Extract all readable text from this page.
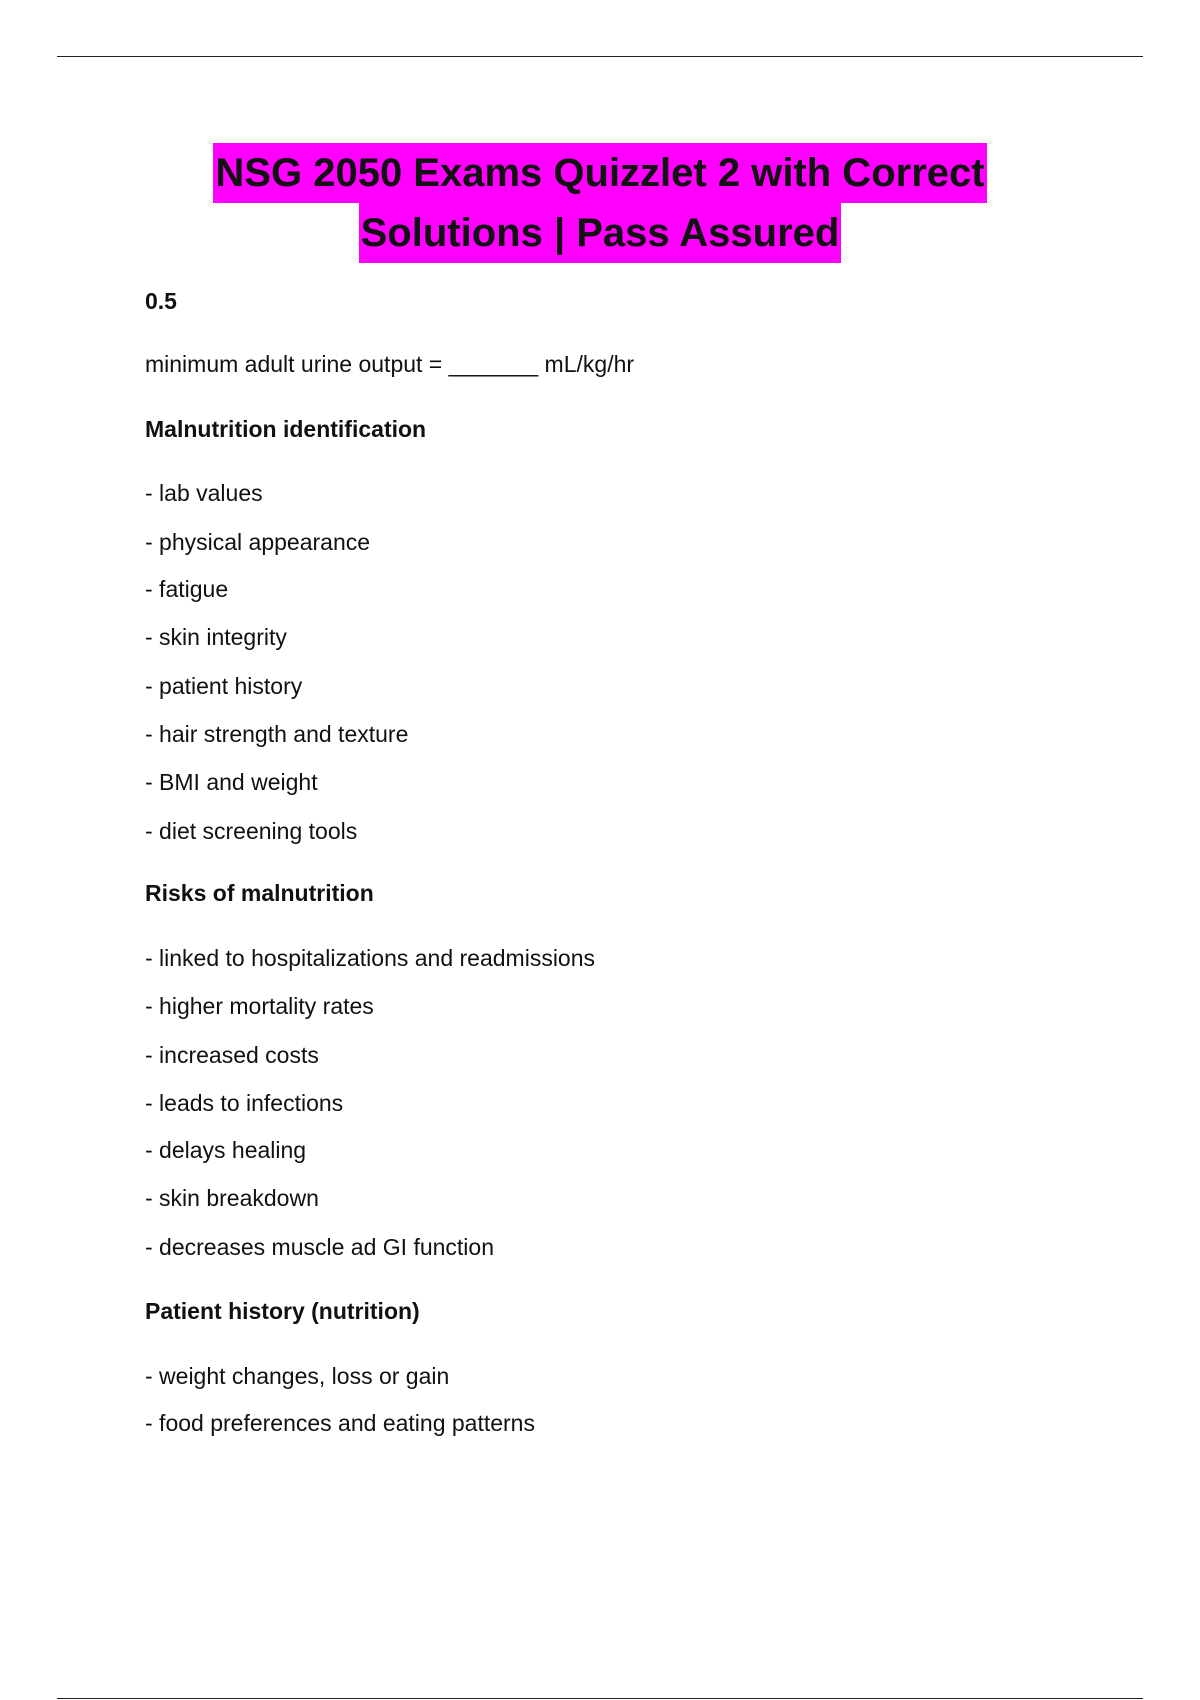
NSG 2050 Exams Quizzlet 2 with Correct
Solutions | Pass Assured
0.5
minimum adult urine output = _______ mL/kg/hr
Malnutrition identification
- lab values
- physical appearance
- fatigue
- skin integrity
- patient history
- hair strength and texture
- BMI and weight
- diet screening tools
Risks of malnutrition
- linked to hospitalizations and readmissions
- higher mortality rates
- increased costs
- leads to infections
- delays healing
- skin breakdown
- decreases muscle ad GI function
Patient history (nutrition)
- weight changes, loss or gain
- food preferences and eating patterns
